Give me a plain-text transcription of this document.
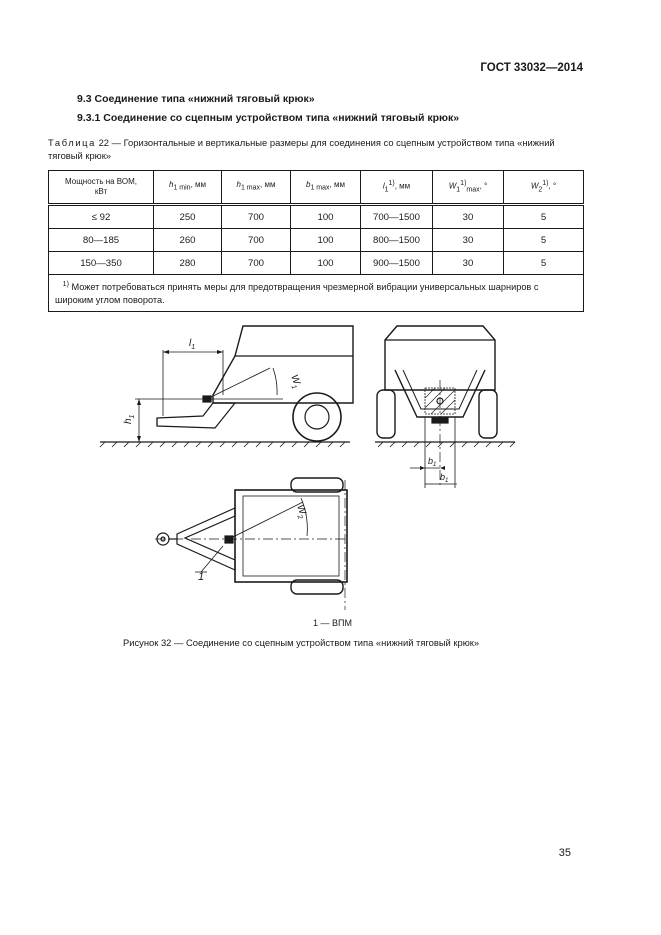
ГОСТ 33032—2014
9.3 Соединение типа «нижний тяговый крюк»
9.3.1 Соединение со сцепным устройством типа «нижний тяговый крюк»
Таблица 22 — Горизонтальные и вертикальные размеры для соединения со сцепным устройством типа «нижний тяговый крюк»
Мощность на ВОМ,
кВт	$h_{1 min}$, мм	$h_{1 max}$, мм	$b_{1 max}$, мм	$l_1^{1)}$, мм	$W_1^{1)}_{max}$, °	$W_2^{1)}$, °
≤ 92	250	700	100	700—1500	30	5
80—185	260	700	100	800—1500	30	5
150—350	280	700	100	900—1500	30	5
$^{1)}$ Может потребоваться принять меры для предотвращения чрезмерной вибрации универсальных шарниров с широким углом поворота.						
$l_1$
$h_1$
$W_1$
$W_2$
$b_1$
$b_1$
1
1 — ВПМ
Рисунок 32 — Соединение со сцепным устройством типа «нижний тяговый крюк»
35
